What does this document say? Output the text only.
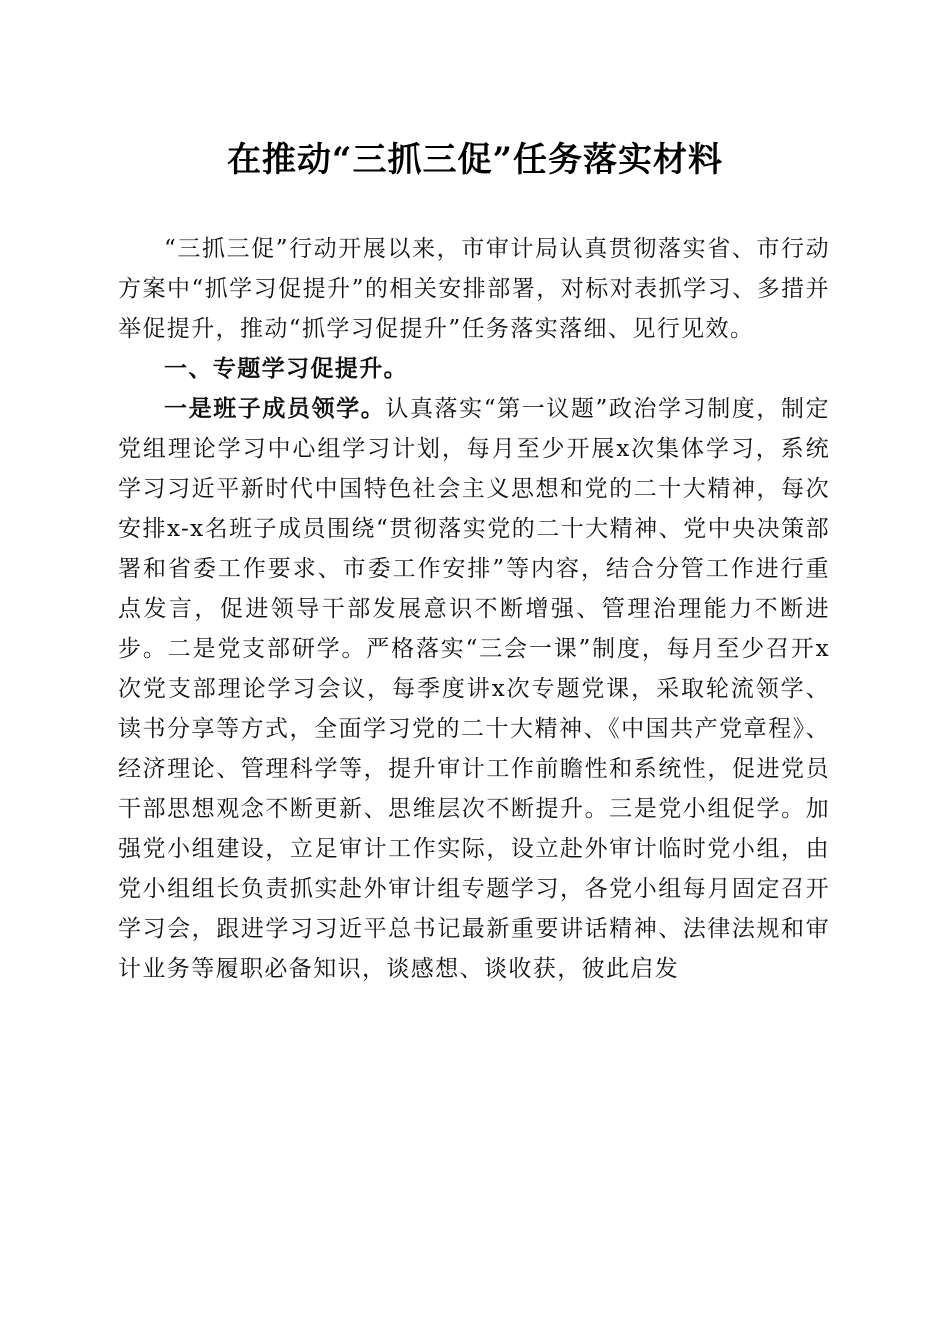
在推动“三抓三促”任务落实材料

“三抓三促”行动开展以来，市审计局认真贯彻落实省、市行动方案中“抓学习促提升”的相关安排部署，对标对表抓学习、多措并举促提升，推动“抓学习促提升”任务落实落细、见行见效。

一、专题学习促提升。

一是班子成员领学。认真落实“第一议题”政治学习制度，制定党组理论学习中心组学习计划，每月至少开展x次集体学习，系统学习习近平新时代中国特色社会主义思想和党的二十大精神，每次安排x-x名班子成员围绕“贯彻落实党的二十大精神、党中央决策部署和省委工作要求、市委工作安排”等内容，结合分管工作进行重点发言，促进领导干部发展意识不断增强、管理治理能力不断进步。二是党支部研学。严格落实“三会一课”制度，每月至少召开x次党支部理论学习会议，每季度讲x次专题党课，采取轮流领学、读书分享等方式，全面学习党的二十大精神、《中国共产党章程》、经济理论、管理科学等，提升审计工作前瞻性和系统性，促进党员干部思想观念不断更新、思维层次不断提升。三是党小组促学。加强党小组建设，立足审计工作实际，设立赴外审计临时党小组，由党小组组长负责抓实赴外审计组专题学习，各党小组每月固定召开学习会，跟进学习习近平总书记最新重要讲话精神、法律法规和审计业务等履职必备知识，谈感想、谈收获，彼此启发
